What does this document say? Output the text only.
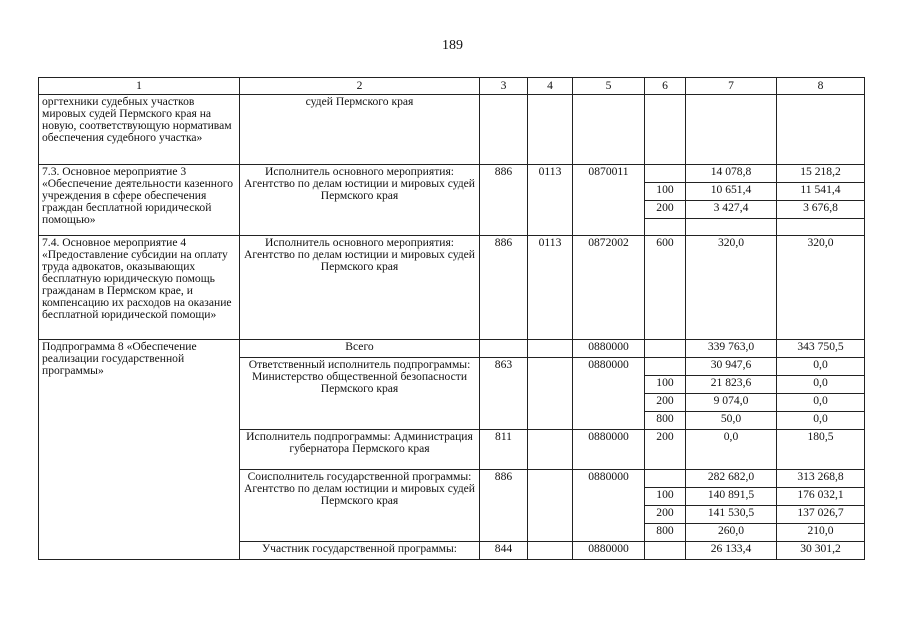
189
1	2	3	4	5	6	7	8
оргтехники судебных участков мировых судей Пермского края на новую, соответствующую нормативам обеспечения судебного участка»	судей Пермского края						
7.3. Основное мероприятие 3 «Обеспечение деятельности казенного учреждения в сфере обеспечения граждан бесплатной юридической помощью»	Исполнитель основного мероприятия: Агентство по делам юстиции и мировых судей Пермского края	886	0113	0870011		14 078,8	15 218,2
					100	10 651,4	11 541,4
					200	3 427,4	3 676,8

7.4. Основное мероприятие 4 «Предоставление субсидии на оплату труда адвокатов, оказывающих бесплатную юридическую помощь гражданам в Пермском крае, и компенсацию их расходов на оказание бесплатной юридической помощи»	Исполнитель основного мероприятия: Агентство по делам юстиции и мировых судей Пермского края	886	0113	0872002	600	320,0	320,0
Подпрограмма 8 «Обеспечение реализации государственной программы»	Всего			0880000		339 763,0	343 750,5
	Ответственный исполнитель подпрограммы: Министерство общественной безопасности Пермского края	863		0880000		30 947,6	0,0
					100	21 823,6	0,0
					200	9 074,0	0,0
					800	50,0	0,0
	Исполнитель подпрограммы: Администрация губернатора Пермского края	811		0880000	200	0,0	180,5
	Соисполнитель государственной программы: Агентство по делам юстиции и мировых судей Пермского края	886		0880000		282 682,0	313 268,8
					100	140 891,5	176 032,1
					200	141 530,5	137 026,7
					800	260,0	210,0
	Участник государственной программы:	844		0880000		26 133,4	30 301,2
